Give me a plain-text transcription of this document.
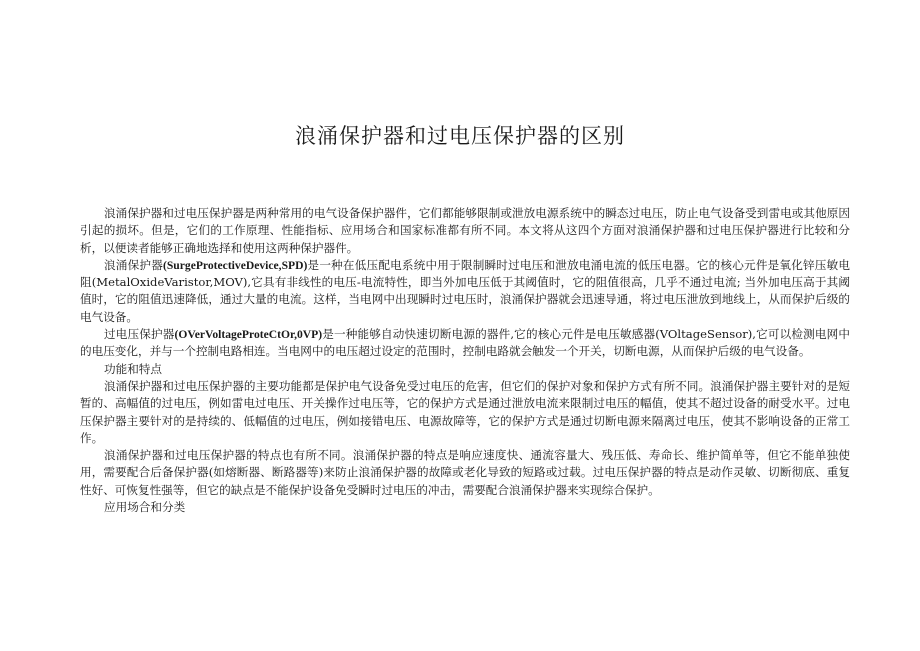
浪涌保护器和过电压保护器的区别

浪涌保护器和过电压保护器是两种常用的电气设备保护器件，它们都能够限制或泄放电源系统中的瞬态过电压，防止电气设备受到雷电或其他原因引起的损坏。但是，它们的工作原理、性能指标、应用场合和国家标准都有所不同。本文将从这四个方面对浪涌保护器和过电压保护器进行比较和分析，以便读者能够正确地选择和使用这两种保护器件。

浪涌保护器(SurgeProtectiveDevice,SPD)是一种在低压配电系统中用于限制瞬时过电压和泄放电涌电流的低压电器。它的核心元件是氧化锌压敏电阻(MetalOxideVaristor,MOV),它具有非线性的电压-电流特性，即当外加电压低于其阈值时，它的阻值很高，几乎不通过电流; 当外加电压高于其阈值时，它的阻值迅速降低，通过大量的电流。这样，当电网中出现瞬时过电压时，浪涌保护器就会迅速导通，将过电压泄放到地线上，从而保护后级的电气设备。

过电压保护器(OVerVoltageProteCtOr,0VP)是一种能够自动快速切断电源的器件,它的核心元件是电压敏感器(VOltageSensor),它可以检测电网中的电压变化，并与一个控制电路相连。当电网中的电压超过设定的范围时，控制电路就会触发一个开关，切断电源，从而保护后级的电气设备。

功能和特点

浪涌保护器和过电压保护器的主要功能都是保护电气设备免受过电压的危害，但它们的保护对象和保护方式有所不同。浪涌保护器主要针对的是短暂的、高幅值的过电压，例如雷电过电压、开关操作过电压等，它的保护方式是通过泄放电流来限制过电压的幅值，使其不超过设备的耐受水平。过电压保护器主要针对的是持续的、低幅值的过电压，例如接错电压、电源故障等，它的保护方式是通过切断电源来隔离过电压，使其不影响设备的正常工作。

浪涌保护器和过电压保护器的特点也有所不同。浪涌保护器的特点是响应速度快、通流容量大、残压低、寿命长、维护简单等，但它不能单独使用，需要配合后备保护器(如熔断器、断路器等)来防止浪涌保护器的故障或老化导致的短路或过载。过电压保护器的特点是动作灵敏、切断彻底、重复性好、可恢复性强等，但它的缺点是不能保护设备免受瞬时过电压的冲击，需要配合浪涌保护器来实现综合保护。

应用场合和分类
